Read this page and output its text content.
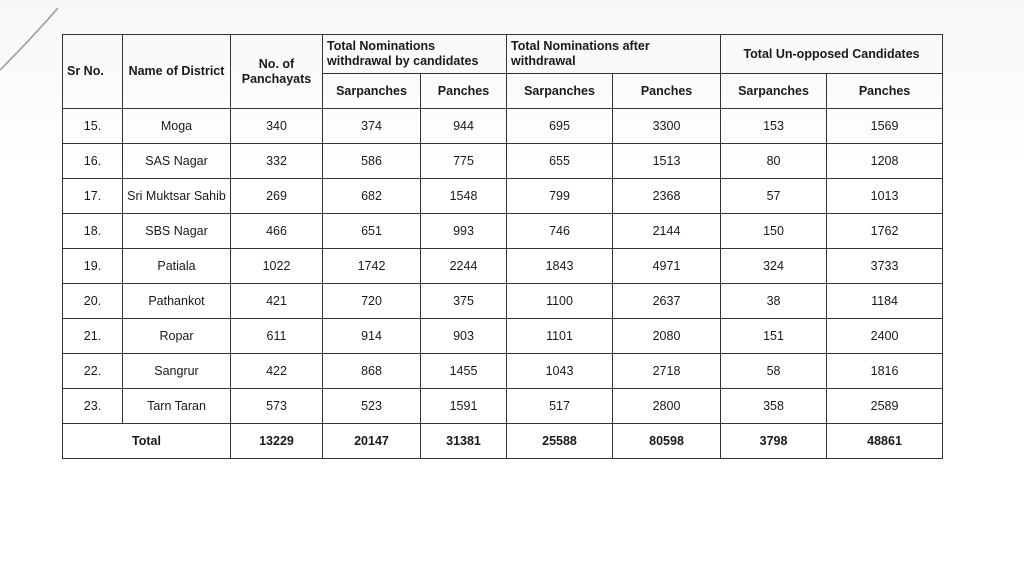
Sr No.	Name of District	No. of Panchayats	Total Nominations withdrawal by candidates		Total Nominations after withdrawal		Total Un-opposed Candidates	
			Sarpanches	Panches	Sarpanches	Panches	Sarpanches	Panches
15.	Moga	340	374	944	695	3300	153	1569
16.	SAS Nagar	332	586	775	655	1513	80	1208
17.	Sri Muktsar Sahib	269	682	1548	799	2368	57	1013
18.	SBS Nagar	466	651	993	746	2144	150	1762
19.	Patiala	1022	1742	2244	1843	4971	324	3733
20.	Pathankot	421	720	375	1100	2637	38	1184
21.	Ropar	611	914	903	1101	2080	151	2400
22.	Sangrur	422	868	1455	1043	2718	58	1816
23.	Tarn Taran	573	523	1591	517	2800	358	2589
Total		13229	20147	31381	25588	80598	3798	48861
